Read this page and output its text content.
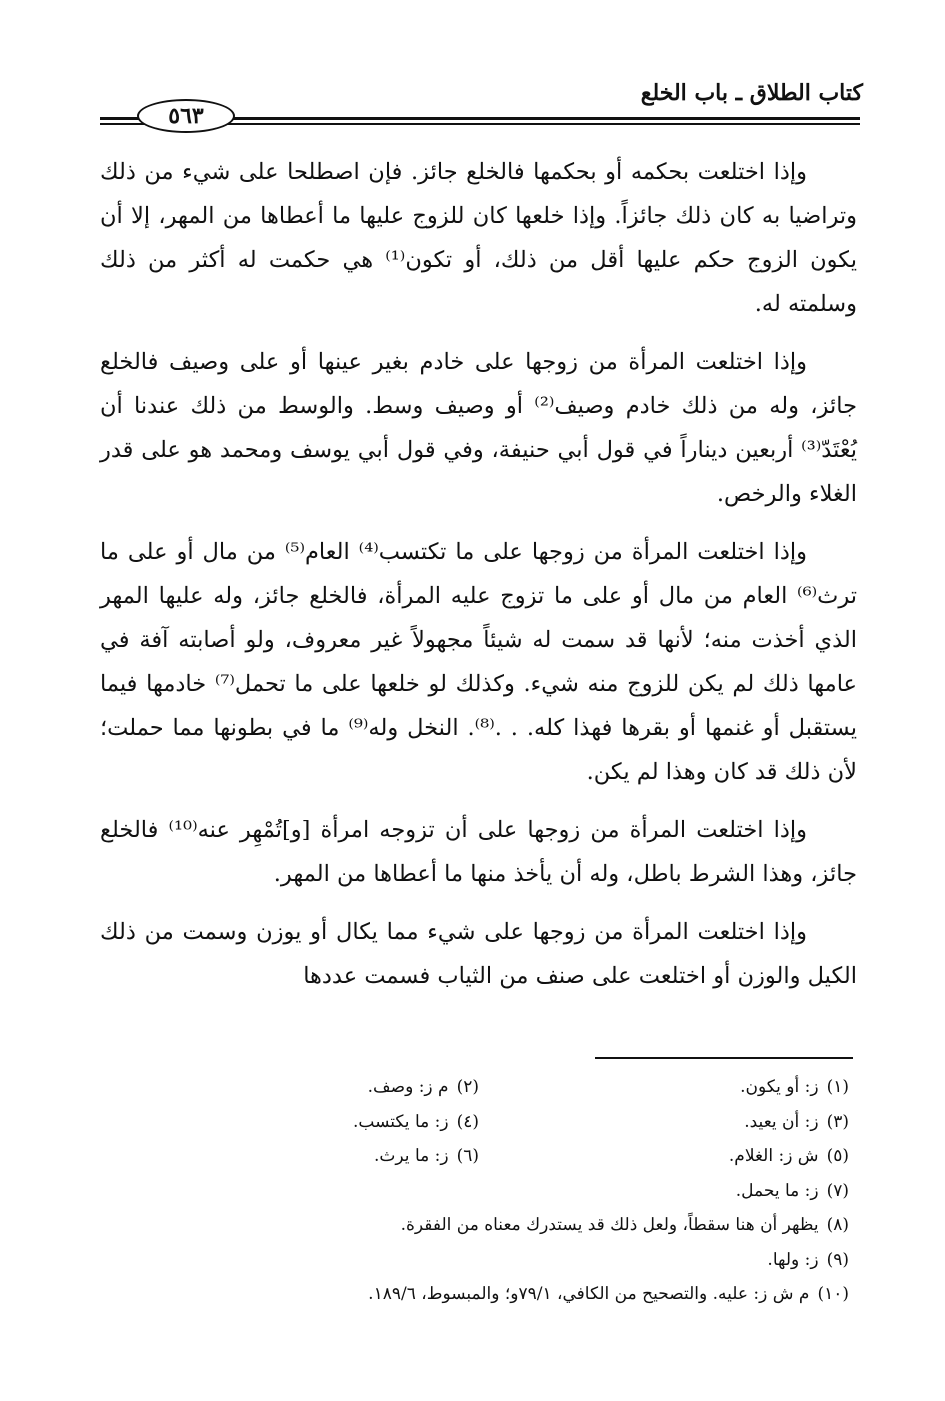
كتاب الطلاق ـ باب الخلع
٥٦٣

وإذا اختلعت بحكمه أو بحكمها فالخلع جائز. فإن اصطلحا على شيء من ذلك وتراضيا به كان ذلك جائزاً. وإذا خلعها كان للزوج عليها ما أعطاها من المهر، إلا أن يكون الزوج حكم عليها أقل من ذلك، أو تكون⁽¹⁾ هي حكمت له أكثر من ذلك وسلمته له.

وإذا اختلعت المرأة من زوجها على خادم بغير عينها أو على وصيف فالخلع جائز، وله من ذلك خادم وصيف⁽²⁾ أو وصيف وسط. والوسط من ذلك عندنا أن يُعْتَدّ⁽³⁾ أربعين ديناراً في قول أبي حنيفة، وفي قول أبي يوسف ومحمد هو على قدر الغلاء والرخص.

وإذا اختلعت المرأة من زوجها على ما تكتسب⁽⁴⁾ العام⁽⁵⁾ من مال أو على ما ترث⁽⁶⁾ العام من مال أو على ما تزوج عليه المرأة، فالخلع جائز، وله عليها المهر الذي أخذت منه؛ لأنها قد سمت له شيئاً مجهولاً غير معروف، ولو أصابته آفة في عامها ذلك لم يكن للزوج منه شيء. وكذلك لو خلعها على ما تحمل⁽⁷⁾ خادمها فيما يستقبل أو غنمها أو بقرها فهذا كله. . .⁽⁸⁾. النخل وله⁽⁹⁾ ما في بطونها مما حملت؛ لأن ذلك قد كان وهذا لم يكن.

وإذا اختلعت المرأة من زوجها على أن تزوجه امرأة [و]تُمْهِر عنه⁽¹⁰⁾ فالخلع جائز، وهذا الشرط باطل، وله أن يأخذ منها ما أعطاها من المهر.

وإذا اختلعت المرأة من زوجها على شيء مما يكال أو يوزن وسمت من ذلك الكيل والوزن أو اختلعت على صنف من الثياب فسمت عددها

(١)ز: أو يكون.
(٢)م ز: وصف.
(٣)ز: أن يعيد.
(٤)ز: ما يكتسب.
(٥)ش ز: الغلام.
(٦)ز: ما يرث.
(٧)
ز: ما يحمل.
(٨)
يظهر أن هنا سقطاً، ولعل ذلك قد يستدرك معناه من الفقرة.
(٩)
ز: ولها.
(١٠)
م ش ز: عليه. والتصحيح من الكافي، ٧٩/١و؛ والمبسوط، ١٨٩/٦.
